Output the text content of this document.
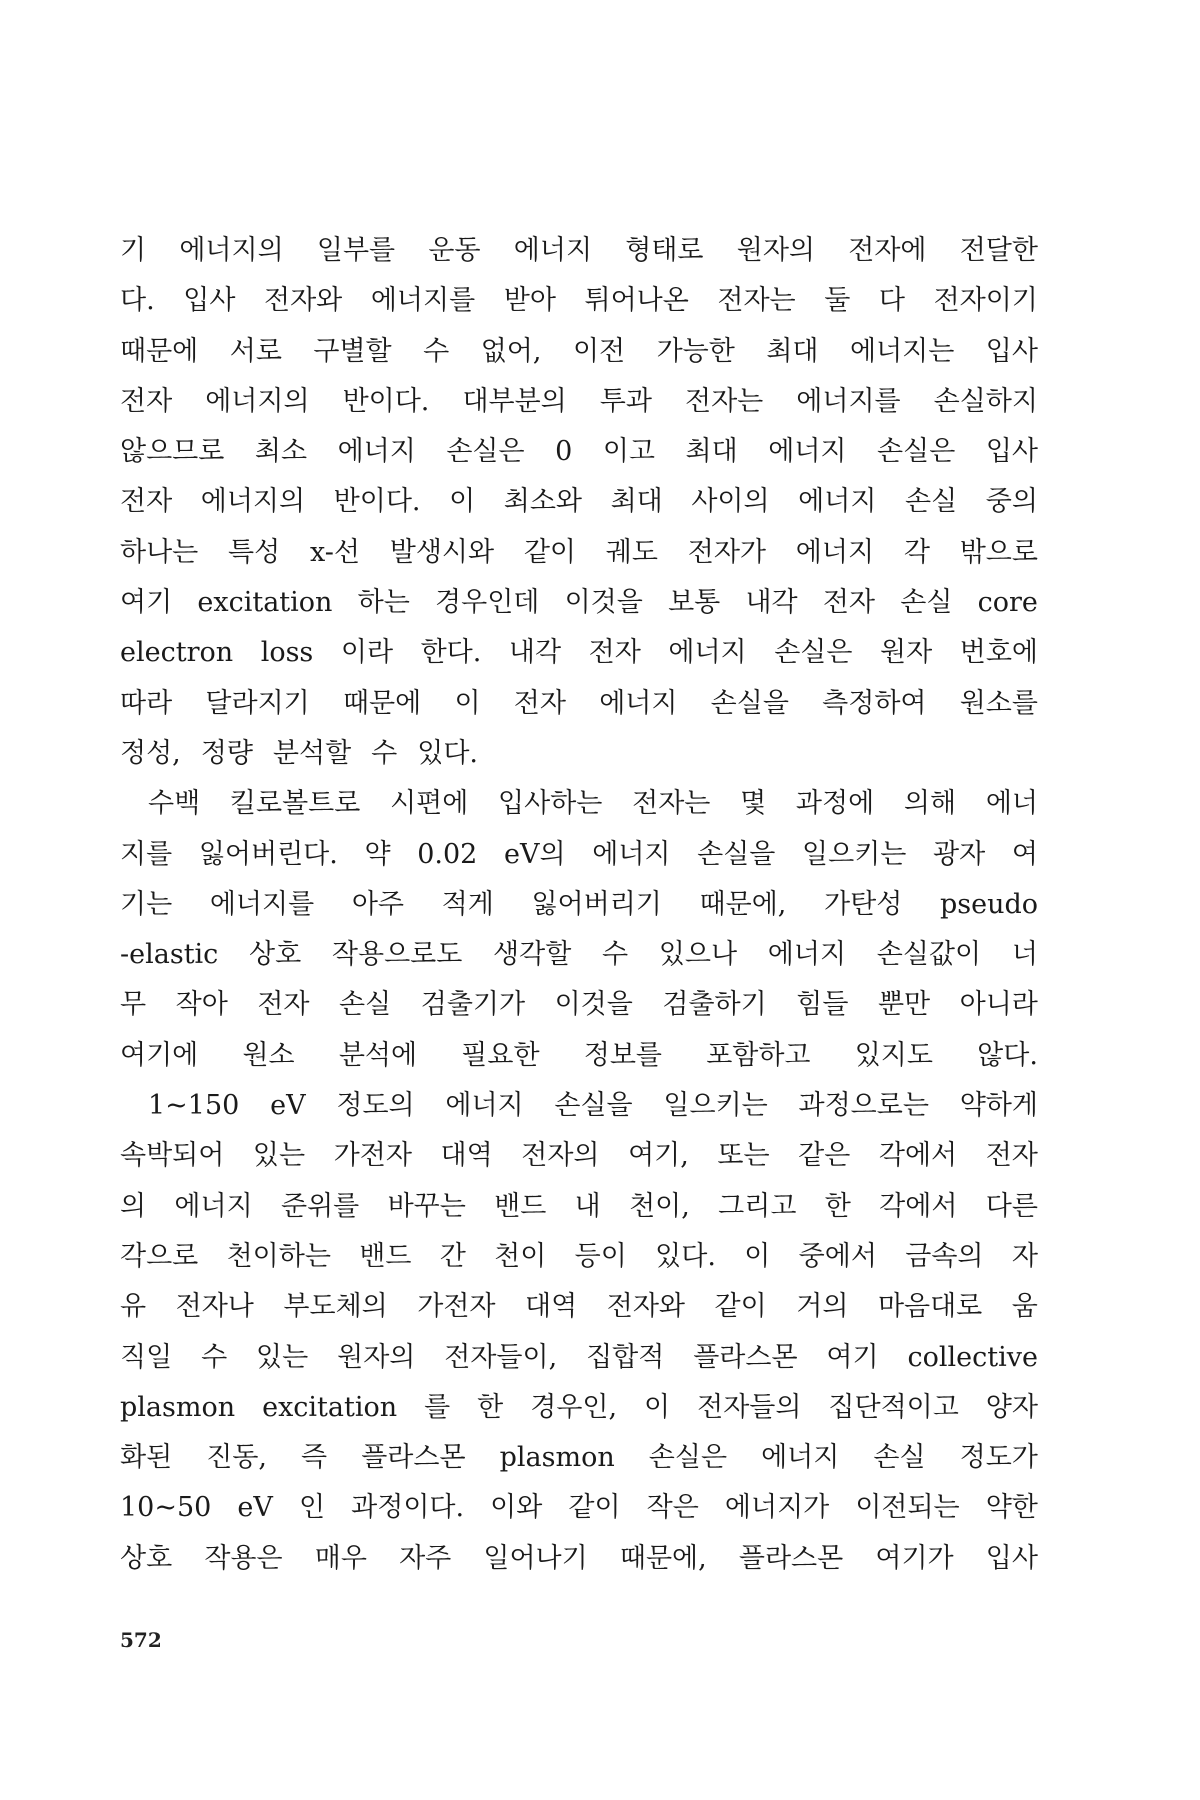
기 에너지의 일부를 운동 에너지 형태로 원자의 전자에 전달한
다. 입사 전자와 에너지를 받아 튀어나온 전자는 둘 다 전자이기
때문에 서로 구별할 수 없어, 이전 가능한 최대 에너지는 입사
전자 에너지의 반이다. 대부분의 투과 전자는 에너지를 손실하지
않으므로 최소 에너지 손실은 0 이고 최대 에너지 손실은 입사
전자 에너지의 반이다. 이 최소와 최대 사이의 에너지 손실 중의
하나는 특성 x-선 발생시와 같이 궤도 전자가 에너지 각 밖으로
여기 excitation 하는 경우인데 이것을 보통 내각 전자 손실 core
electron loss 이라 한다. 내각 전자 에너지 손실은 원자 번호에
따라 달라지기 때문에 이 전자 에너지 손실을 측정하여 원소를
정성, 정량 분석할 수 있다.
수백 킬로볼트로 시편에 입사하는 전자는 몇 과정에 의해 에너
지를 잃어버린다. 약 0.02 eV의 에너지 손실을 일으키는 광자 여
기는 에너지를 아주 적게 잃어버리기 때문에, 가탄성 pseudo
-elastic 상호 작용으로도 생각할 수 있으나 에너지 손실값이 너
무 작아 전자 손실 검출기가 이것을 검출하기 힘들 뿐만 아니라
여기에 원소 분석에 필요한 정보를 포함하고 있지도 않다.
1~150 eV 정도의 에너지 손실을 일으키는 과정으로는 약하게
속박되어 있는 가전자 대역 전자의 여기, 또는 같은 각에서 전자
의 에너지 준위를 바꾸는 밴드 내 천이, 그리고 한 각에서 다른
각으로 천이하는 밴드 간 천이 등이 있다. 이 중에서 금속의 자
유 전자나 부도체의 가전자 대역 전자와 같이 거의 마음대로 움
직일 수 있는 원자의 전자들이, 집합적 플라스몬 여기 collective
plasmon excitation 를 한 경우인, 이 전자들의 집단적이고 양자
화된 진동, 즉 플라스몬 plasmon 손실은 에너지 손실 정도가
10~50 eV 인 과정이다. 이와 같이 작은 에너지가 이전되는 약한
상호 작용은 매우 자주 일어나기 때문에, 플라스몬 여기가 입사
572
